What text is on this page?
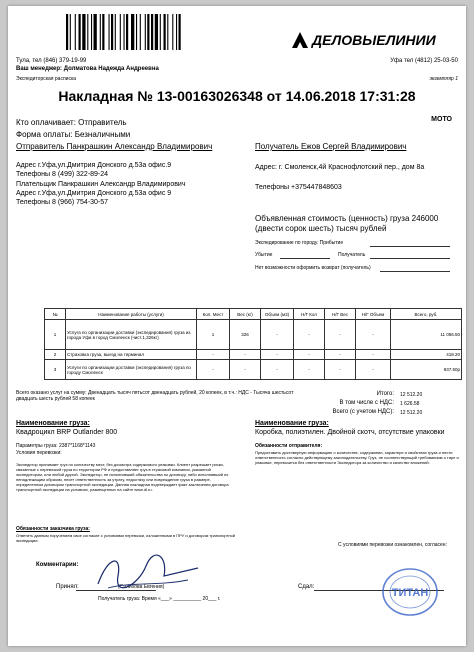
ДЕЛОВЫЕЛИНИИ
Тула, тел (846) 379-19-99	Уфа тел (4812) 25-03-50
Ваш менеджер: Долматова Надежда Андреевна
Экспедиторская расписка	экземпляр 1
Накладная № 13-00163026348 от 14.06.2018 17:31:28
Кто оплачивает: Отправитель
Форма оплаты: Безналичными
МОТО
Отправитель Панкрашкин Александр Владимирович
Адрес г.Уфа,ул.Дмитрия Донского д.53а офис.9
Телефоны 8 (499) 322-89-24
Плательщик Панкрашкин Александр Владимирович
Адрес г.Уфа,ул.Дмитрия Донского д.53а офис 9
Телефоны 8 (966) 754-30-57
Получатель Ежов Сергей Владимирович
Адрес: г. Смоленск,4й Краснофлотский пер., дом 8а
Телефоны +375447848603
Объявленная стоимость (ценность) груза 246000 (двести сорок шесть) тысяч рублей
Экспедирование по городу. Прибытие
Убытие	Получатель
Нет возможности оформить возврат (получатель)
№	Наименование работы (услуги)	Кол. Мест	Вес (кг)	Объем (м3)	Н/Г Кол	Н/Г Вес	Н/Г Объем	Всего, руб.
1	Услуга по организации доставки (экспедирования) груза из города Уфа в город Смоленск (чист.1,326кг)	1	326	-	-	-	-	11 056.50
2	Страховка груза, выезд на терминал	-	-	-	-	-	-	418.20
3	Услуги по организации доставки (экспедирования) груза по городу Смоленск	-	-	-	-	-	-	937.50р
Всего оказано услуг на сумму: Двенадцать тысяч пятьсот двенадцать рублей, 20 копеек, в т.ч.: НДС - Тысяча шестьсот двадцать шесть рублей 58 копеек
Итого: 12 512.20
В том числе с НДС: 1 626.58
Всего (с учетом НДС): 12 512.20
Наименование груза:
Квадроцикл BRP Outlander 800
Параметры груза: 2387*1168*1143
Условия перевозки:
Экспедитор принимает груз по количеству мест, без досмотра содержимого упаковки. Клиент разрешает риски, связанные с перевозкой груза по территории РФ и предоставляет груз в страховой компании, указанной экспедитором, или любой другой. Экспедитор, не исполнивший обязательства по договору, либо исполнивший их ненадлежащим образом, несет ответственность за утрату, недостачу или повреждение груза в размере, определенном договором транспортной экспедиции. Данная накладная подтверждает факт заключения договора транспортной экспедиции на условиях, размещенных на сайте www.dl.ru.
Обязанности заказчика груза:
Ответить данным поручением свое согласие с условиями перевозки, изложенными в ПРУ и договором транспортной экспедиции.
Наименование груза:
Коробка, полиэтилен. Двойной скотч, отсутствие упаковки
Обязанности отправителя:
Предоставить достоверную информацию о количестве, содержании, характере и свойствах груза и нести ответственность согласно действующему законодательству. Груз, не соответствующий требованиям о таре и упаковке, перевозится без ответственности Экспедитора за количество и качество вложений.
С условиями перевозки ознакомлен, согласен:
Комментарии:
Принял:	(Салихова Евгения)	Сдал:
Получатель груза: Время «___» __________ 20___ г.	ТИТАН
